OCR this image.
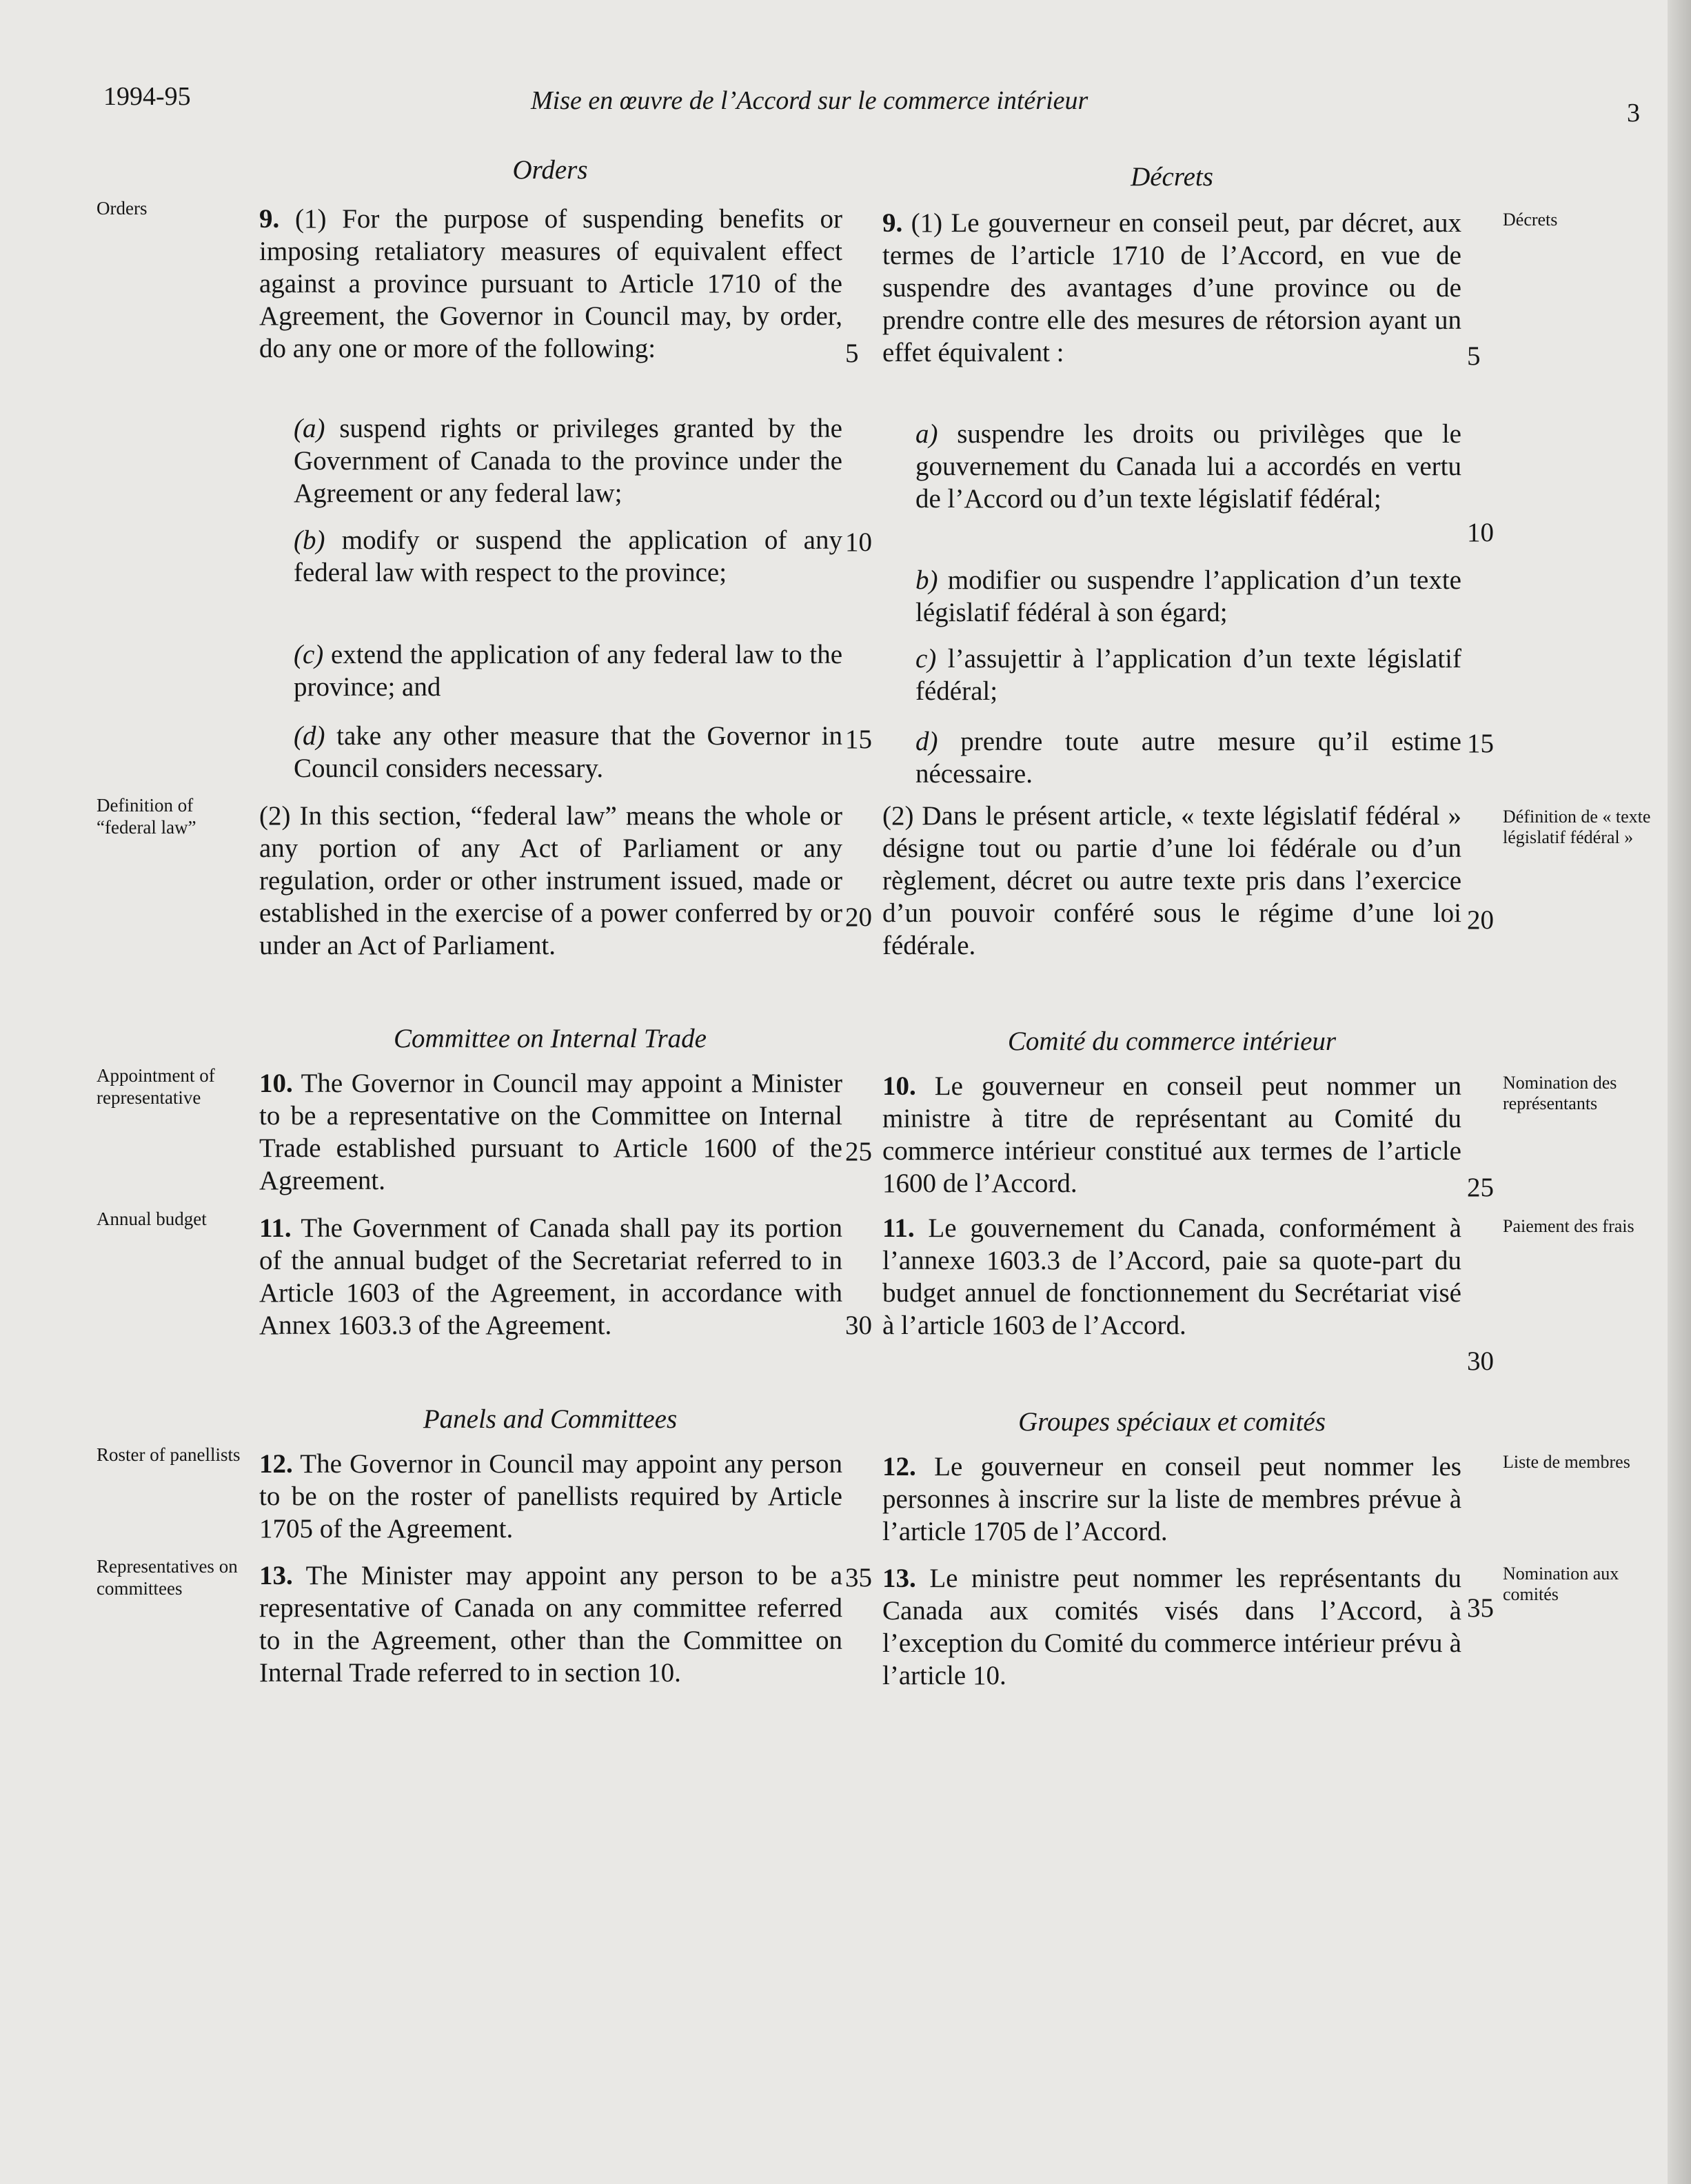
1994-95	Mise en œuvre de l’Accord sur le commerce intérieur	3
Orders
Orders	9. (1) For the purpose of suspending benefits or imposing retaliatory measures of equivalent effect against a province pursuant to Article 1710 of the Agreement, the Governor in Council may, by order, do any one or more of the following:

(a) suspend rights or privileges granted by the Government of Canada to the province under the Agreement or any federal law;

(b) modify or suspend the application of any federal law with respect to the province;

(c) extend the application of any federal law to the province; and

(d) take any other measure that the Governor in Council considers necessary.

Definition of “federal law”	(2) In this section, “federal law” means the whole or any portion of any Act of Parliament or any regulation, order or other instrument issued, made or established in the exercise of a power conferred by or under an Act of Parliament.

Committee on Internal Trade
Appointment of representative	10. The Governor in Council may appoint a Minister to be a representative on the Committee on Internal Trade established pursuant to Article 1600 of the Agreement.

Annual budget	11. The Government of Canada shall pay its portion of the annual budget of the Secretariat referred to in Article 1603 of the Agreement, in accordance with Annex 1603.3 of the Agreement.

Panels and Committees
Roster of panellists 12. The Governor in Council may appoint any person to be on the roster of panellists required by Article 1705 of the Agreement.

Representatives on committees	13. The Minister may appoint any person to be a representative of Canada on any committee referred to in the Agreement, other than the Committee on Internal Trade referred to in section 10.

Décrets
Décrets

9. (1) Le gouverneur en conseil peut, par décret, aux termes de l’article 1710 de l’Accord, en vue de suspendre des avantages d’une province ou de prendre contre elle des mesures de rétorsion ayant un effet équivalent :

a) suspendre les droits ou privilèges que le gouvernement du Canada lui a accordés en vertu de l’Accord ou d’un texte législatif fédéral;

b) modifier ou suspendre l’application d’un texte législatif fédéral à son égard;

c) l’assujettir à l’application d’un texte législatif fédéral;

d) prendre toute autre mesure qu’il estime nécessaire.

Définition de « texte législatif fédéral »

(2) Dans le présent article, « texte législatif fédéral » désigne tout ou partie d’une loi fédérale ou d’un règlement, décret ou autre texte pris dans l’exercice d’un pouvoir conféré sous le régime d’une loi fédérale.

Comité du commerce intérieur
Nomination des représentants

10. Le gouverneur en conseil peut nommer un ministre à titre de représentant au Comité du commerce intérieur constitué aux termes de l’article 1600 de l’Accord.

Paiement des frais

11. Le gouvernement du Canada, conformément à l’annexe 1603.3 de l’Accord, paie sa quote-part du budget annuel de fonctionnement du Secrétariat visé à l’article 1603 de l’Accord.

Groupes spéciaux et comités
Liste de membres

12. Le gouverneur en conseil peut nommer les personnes à inscrire sur la liste de membres prévue à l’article 1705 de l’Accord.

Nomination aux comités

13. Le ministre peut nommer les représentants du Canada aux comités visés dans l’Accord, à l’exception du Comité du commerce intérieur prévu à l’article 10.

5
10
15
20
25
30
35
5
10
15
20
25
30
35
